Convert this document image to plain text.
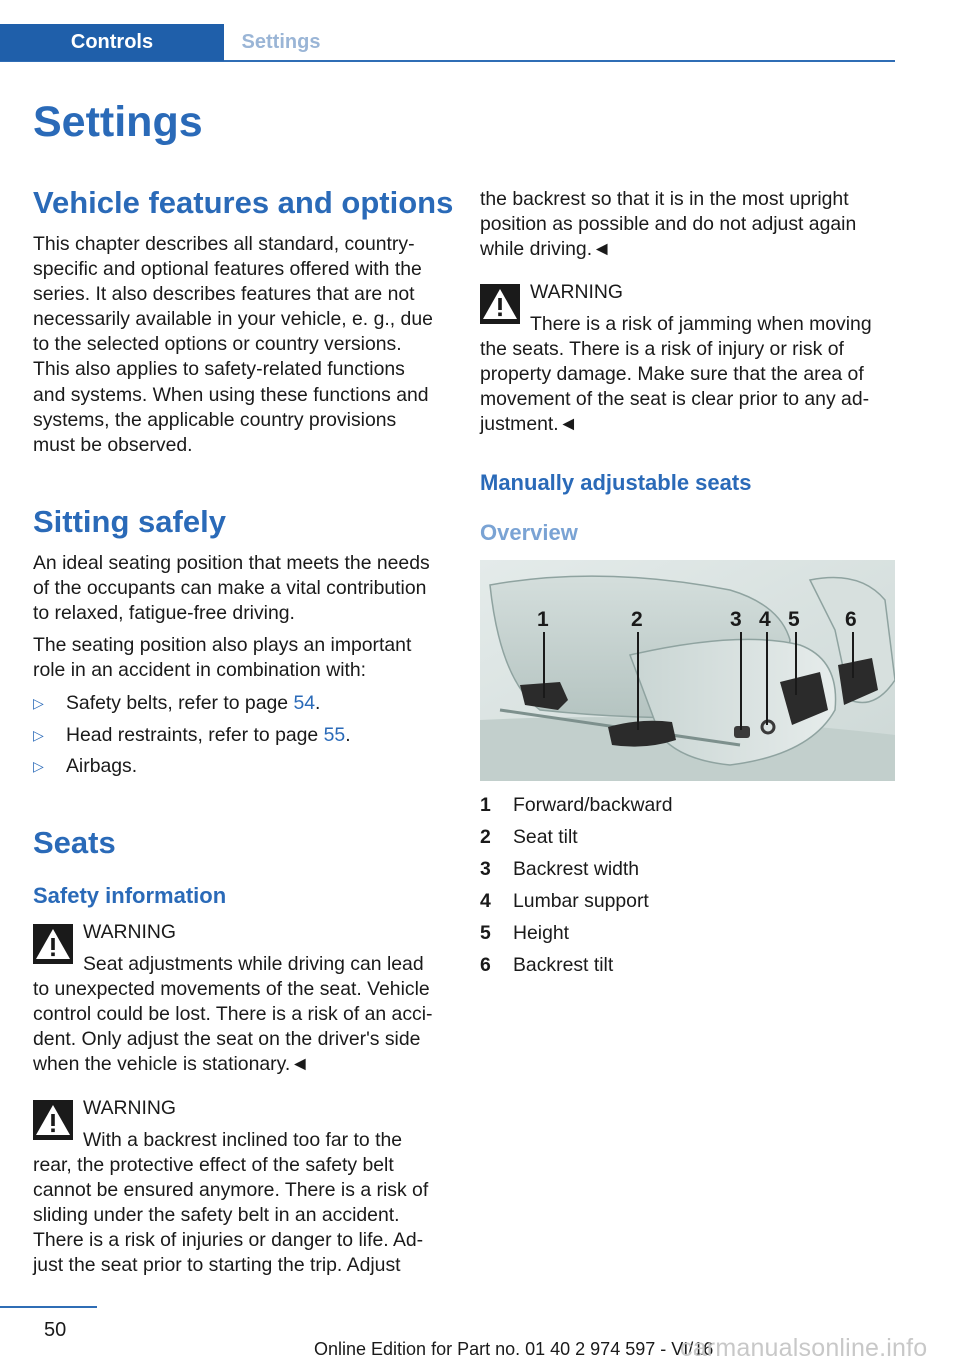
Controls	Settings
Settings
Vehicle features and options
This chapter describes all standard, country-
specific and optional features offered with the
series. It also describes features that are not
necessarily available in your vehicle, e. g., due
to the selected options or country versions.
This also applies to safety-related functions
and systems. When using these functions and
systems, the applicable country provisions
must be observed.
Sitting safely
An ideal seating position that meets the needs
of the occupants can make a vital contribution
to relaxed, fatigue-free driving.
The seating position also plays an important
role in an accident in combination with:
▷ Safety belts, refer to page 54.
▷ Head restraints, refer to page 55.
▷ Airbags.
Seats
Safety information
WARNING
Seat adjustments while driving can lead
to unexpected movements of the seat. Vehicle
control could be lost. There is a risk of an acci-
dent. Only adjust the seat on the driver's side
when the vehicle is stationary.◄
WARNING
With a backrest inclined too far to the
rear, the protective effect of the safety belt
cannot be ensured anymore. There is a risk of
sliding under the safety belt in an accident.
There is a risk of injuries or danger to life. Ad-
just the seat prior to starting the trip. Adjust
the backrest so that it is in the most upright
position as possible and do not adjust again
while driving.◄
WARNING
There is a risk of jamming when moving
the seats. There is a risk of injury or risk of
property damage. Make sure that the area of
movement of the seat is clear prior to any ad-
justment.◄
Manually adjustable seats
Overview
1	2	3 4 5 6
1 Forward/backward
2 Seat tilt
3 Backrest width
4 Lumbar support
5 Height
6 Backrest tilt
50
Online Edition for Part no. 01 40 2 974 597 - VI/16
carmanualsonline.info
